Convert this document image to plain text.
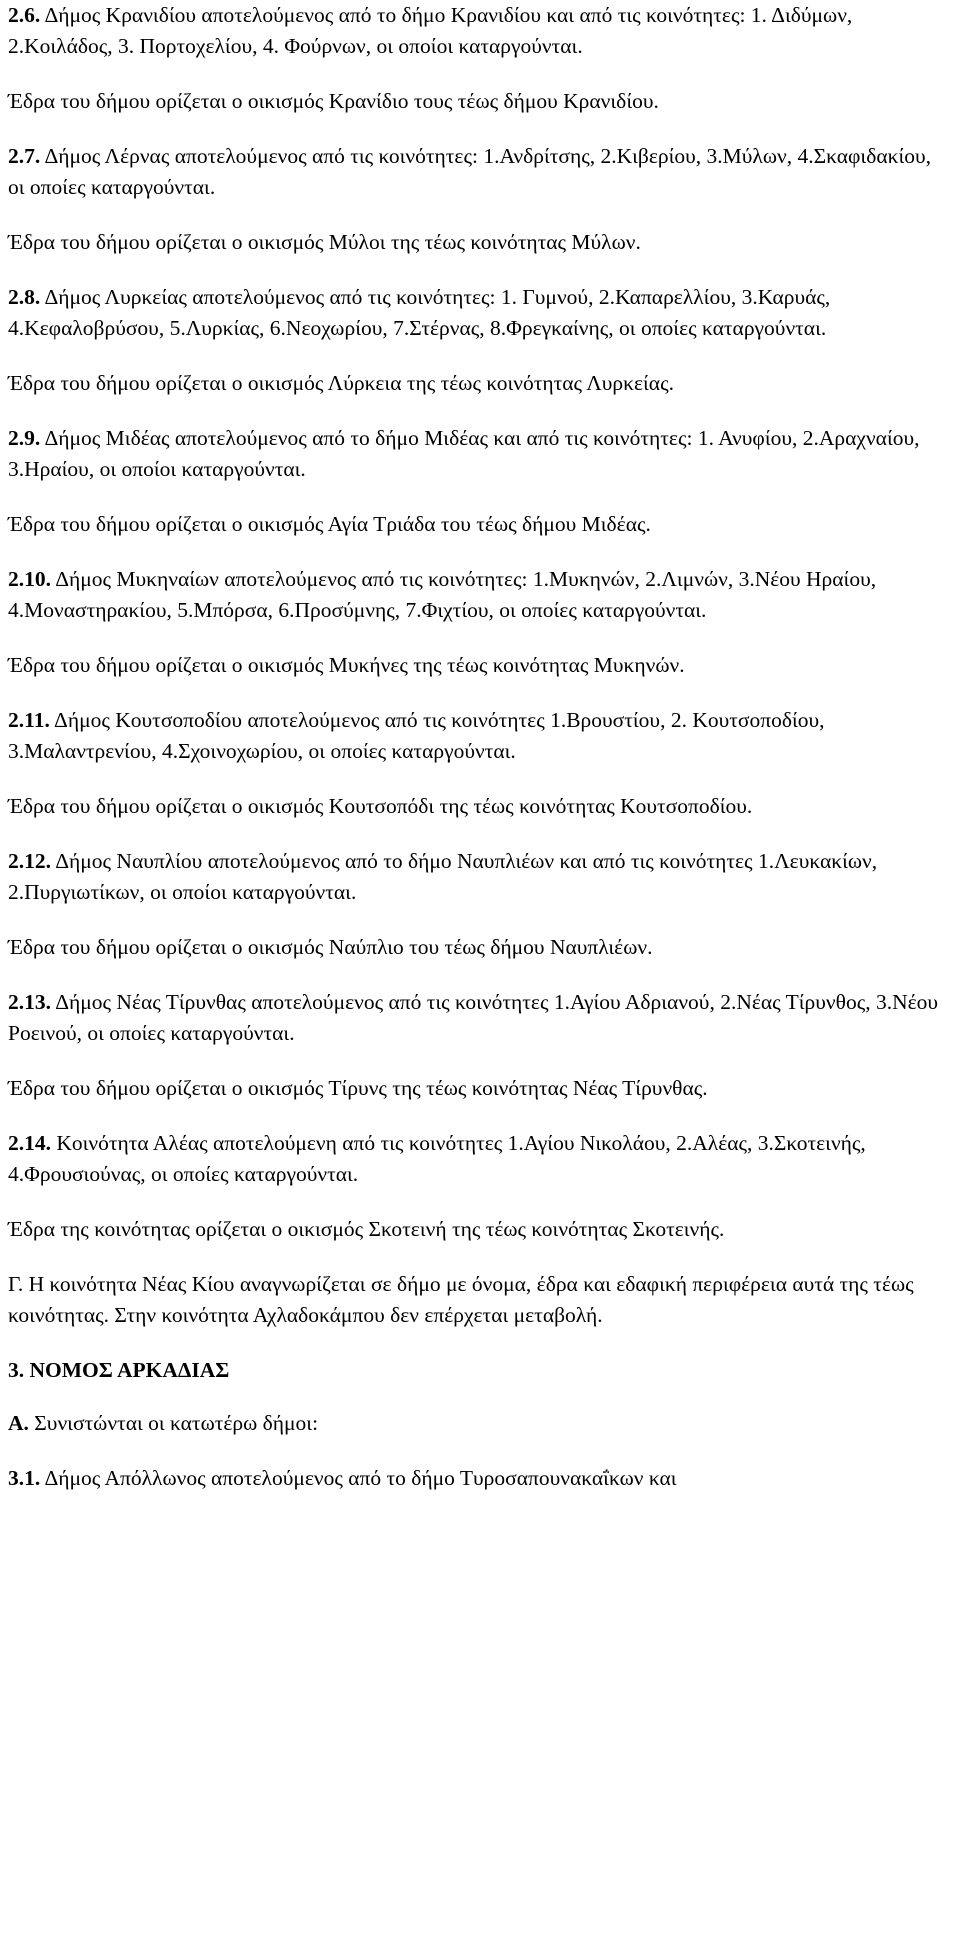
2.6. Δήμος Κρανιδίου αποτελούμενος από το δήμο Κρανιδίου και από τις κοινότητες: 1. Διδύμων, 2.Κοιλάδος, 3. Πορτοχελίου, 4. Φούρνων, οι οποίοι καταργούνται.

Έδρα του δήμου ορίζεται ο οικισμός Κρανίδιο τους τέως δήμου Κρανιδίου.

2.7. Δήμος Λέρνας αποτελούμενος από τις κοινότητες: 1.Ανδρίτσης, 2.Κιβερίου, 3.Μύλων, 4.Σκαφιδακίου, οι οποίες καταργούνται.

Έδρα του δήμου ορίζεται ο οικισμός Μύλοι της τέως κοινότητας Μύλων.

2.8. Δήμος Λυρκείας αποτελούμενος από τις κοινότητες: 1. Γυμνού, 2.Καπαρελλίου, 3.Καρυάς, 4.Κεφαλοβρύσου, 5.Λυρκίας, 6.Νεοχωρίου, 7.Στέρνας, 8.Φρεγκαίνης, οι οποίες καταργούνται.

Έδρα του δήμου ορίζεται ο οικισμός Λύρκεια της τέως κοινότητας Λυρκείας.

2.9. Δήμος Μιδέας αποτελούμενος από το δήμο Μιδέας και από τις κοινότητες: 1. Ανυφίου, 2.Αραχναίου, 3.Ηραίου, οι οποίοι καταργούνται.

Έδρα του δήμου ορίζεται ο οικισμός Αγία Τριάδα του τέως δήμου Μιδέας.

2.10. Δήμος Μυκηναίων αποτελούμενος από τις κοινότητες: 1.Μυκηνών, 2.Λιμνών, 3.Νέου Ηραίου, 4.Μοναστηρακίου, 5.Μπόρσα, 6.Προσύμνης, 7.Φιχτίου, οι οποίες καταργούνται.

Έδρα του δήμου ορίζεται ο οικισμός Μυκήνες της τέως κοινότητας Μυκηνών.

2.11. Δήμος Κουτσοποδίου αποτελούμενος από τις κοινότητες 1.Βρουστίου, 2. Κουτσοποδίου, 3.Μαλαντρενίου, 4.Σχοινοχωρίου, οι οποίες καταργούνται.

Έδρα του δήμου ορίζεται ο οικισμός Κουτσοπόδι της τέως κοινότητας Κουτσοποδίου.

2.12. Δήμος Ναυπλίου αποτελούμενος από το δήμο Ναυπλιέων και από τις κοινότητες 1.Λευκακίων, 2.Πυργιωτίκων, οι οποίοι καταργούνται.

Έδρα του δήμου ορίζεται ο οικισμός Ναύπλιο του τέως δήμου Ναυπλιέων.

2.13. Δήμος Νέας Τίρυνθας αποτελούμενος από τις κοινότητες 1.Αγίου Αδριανού, 2.Νέας Τίρυνθος, 3.Νέου Ροεινού, οι οποίες καταργούνται.

Έδρα του δήμου ορίζεται ο οικισμός Τίρυνς της τέως κοινότητας Νέας Τίρυνθας.

2.14. Κοινότητα Αλέας αποτελούμενη από τις κοινότητες 1.Αγίου Νικολάου, 2.Αλέας, 3.Σκοτεινής, 4.Φρουσιούνας, οι οποίες καταργούνται.

Έδρα της κοινότητας ορίζεται ο οικισμός Σκοτεινή της τέως κοινότητας Σκοτεινής.

Γ. Η κοινότητα Νέας Κίου αναγνωρίζεται σε δήμο με όνομα, έδρα και εδαφική περιφέρεια αυτά της τέως κοινότητας. Στην κοινότητα Αχλαδοκάμπου δεν επέρχεται μεταβολή.

3. ΝΟΜΟΣ ΑΡΚΑΔΙΑΣ

Α. Συνιστώνται οι κατωτέρω δήμοι:

3.1. Δήμος Απόλλωνος αποτελούμενος από το δήμο Τυροσαπουνακαΐκων και
